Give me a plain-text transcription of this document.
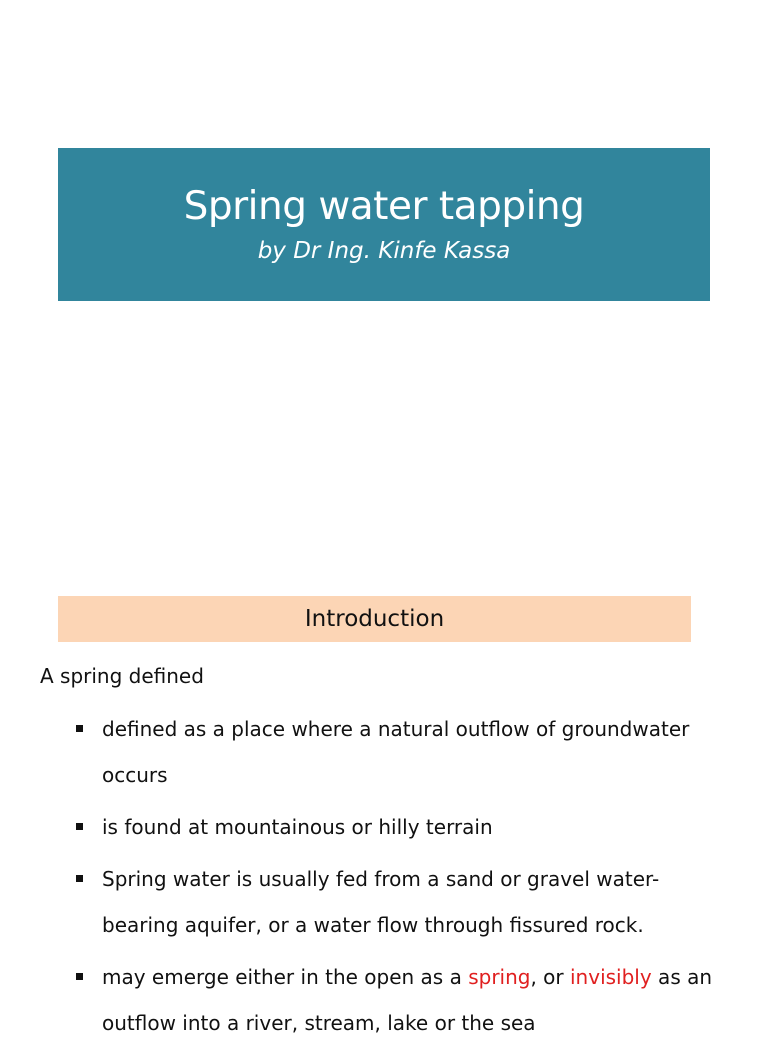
Spring water tapping
by Dr Ing. Kinfe Kassa
Introduction
A spring defined
defined as a place where a natural outflow of groundwater
occurs
is found at mountainous or hilly terrain
Spring water is usually fed from a sand or gravel water-
bearing aquifer, or a water flow through fissured rock.
may emerge either in the open as a spring, or invisibly as an
outflow into a river, stream, lake or the sea
